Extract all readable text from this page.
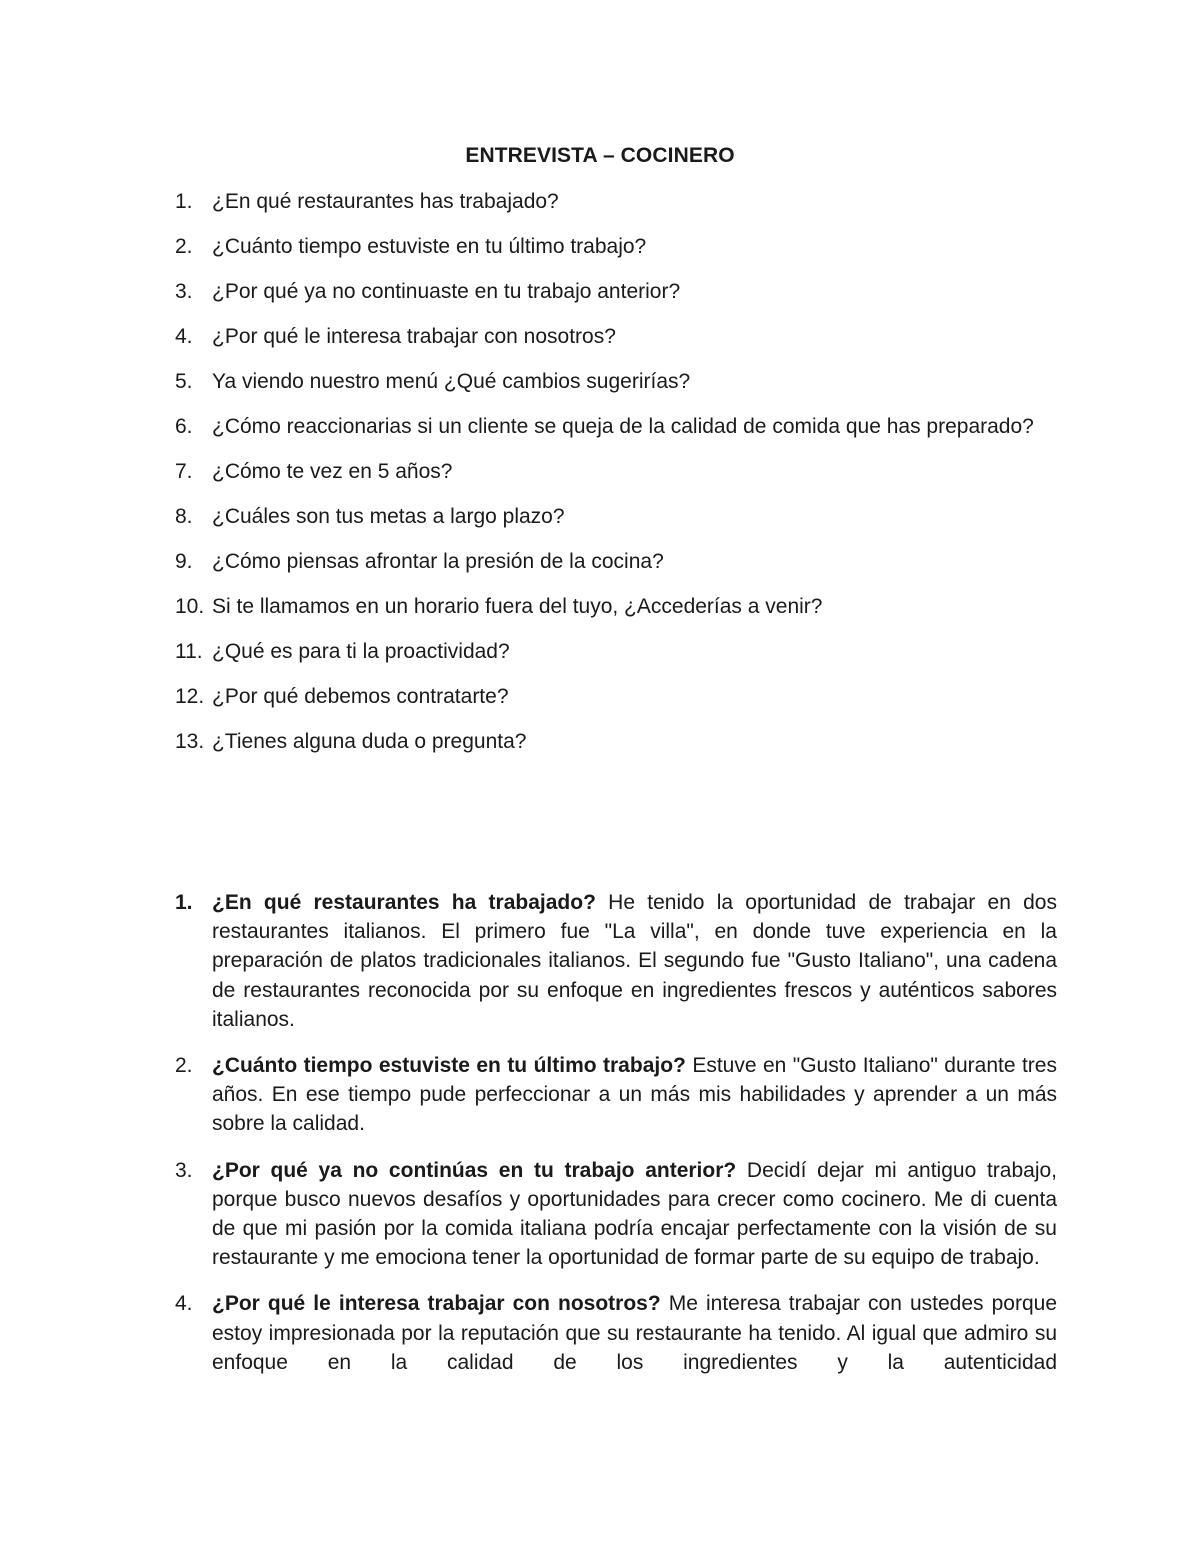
ENTREVISTA – COCINERO
1. ¿En qué restaurantes has trabajado?
2. ¿Cuánto tiempo estuviste en tu último trabajo?
3. ¿Por qué ya no continuaste en tu trabajo anterior?
4. ¿Por qué le interesa trabajar con nosotros?
5. Ya viendo nuestro menú ¿Qué cambios sugerirías?
6. ¿Cómo reaccionarias si un cliente se queja de la calidad de comida que has preparado?
7. ¿Cómo te vez en 5 años?
8. ¿Cuáles son tus metas a largo plazo?
9. ¿Cómo piensas afrontar la presión de la cocina?
10. Si te llamamos en un horario fuera del tuyo, ¿Accederías a venir?
11. ¿Qué es para ti la proactividad?
12. ¿Por qué debemos contratarte?
13. ¿Tienes alguna duda o pregunta?
1. ¿En qué restaurantes ha trabajado? He tenido la oportunidad de trabajar en dos restaurantes italianos. El primero fue "La villa", en donde tuve experiencia en la preparación de platos tradicionales italianos. El segundo fue "Gusto Italiano", una cadena de restaurantes reconocida por su enfoque en ingredientes frescos y auténticos sabores italianos.
2. ¿Cuánto tiempo estuviste en tu último trabajo? Estuve en "Gusto Italiano" durante tres años. En ese tiempo pude perfeccionar a un más mis habilidades y aprender a un más sobre la calidad.
3. ¿Por qué ya no continúas en tu trabajo anterior? Decidí dejar mi antiguo trabajo, porque busco nuevos desafíos y oportunidades para crecer como cocinero. Me di cuenta de que mi pasión por la comida italiana podría encajar perfectamente con la visión de su restaurante y me emociona tener la oportunidad de formar parte de su equipo de trabajo.
4. ¿Por qué le interesa trabajar con nosotros? Me interesa trabajar con ustedes porque estoy impresionada por la reputación que su restaurante ha tenido. Al igual que admiro su enfoque en la calidad de los ingredientes y la autenticidad
